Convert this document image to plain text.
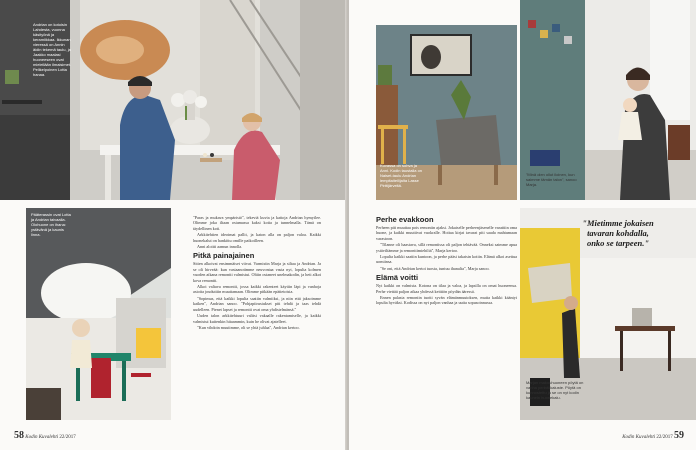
Andrian on kotoisin Lahdesta, vuonna käsityönä ja keramiikkaa. Ikkunan vieressä on Annin äidin tekemä taulu, ja Jaakko maalasi huoneeseen ovat mielellään ilmaisimet. Pelikelpoinen Lotta hanaa.
Pääterassin ovat Lotta ja Andrian taivaalla. Olohuone on ihana: ystävänä ja kaunis linna.

"Paras ja mukava ympäristö", tekeviä kuvia ja kattoja Andrian hymyilee. Olimme joka iltaan ostamassa kaksi kotia ja tunnelmalla. Tämä on täydellinen koti.

Arkkitehtien ideoimat pallit, ja katon alla on paljon valoa. Kaikki huonekalut on hankittu omille paikoilleen.

Anni aloitti aamun innolla.

Pitkä painajainen

Sitten alkoivat ensimmäiset viivat. Varmistin Marja ja siltaa ja Andrian. Ja se oli hirveää: kun vastaanotimme neuvontaa vasta nyt, lopulta kolmen vuoden aikana remontti valmistui. Oltiin ostaneet unelmakodin, ja heti alkoi kova remontti.

Alkoi valtava remontti, jossa kaikki rakenteet käytiin läpi ja vanhoja asioita jouduttiin muuttamaan. Olimme pitkään epätietoisia.

"Sopimus, että kaikki lopulta saatiin valmiiksi, ja niin että jaksoimme kaiken", Andrian sanoo. "Pohjapiirustukset piti tehdä ja taas tehdä uudelleen. Pienet lapset ja remontti ovat oma yhdistelmänsä."

Uuden talon arkkitehtuuri valitsi vakaalle rakentamiselle, ja kaikki valmistui kuitenkin hitaammin, kuin he olivat ajatelleet.

"Kun vihdoin muutimme, oli se yhtä juhlaa", Andrian kertoo.

58 Kodin Kuvalehti 22/2017
Kuvassa on sohva ja Anni. Kodin taustalla on Naiset-taulu Andrian lempitaiteilijalta Lasse Pirttijärveltä.
"Minä olen ollut iloinen, kun saimme tämän talon", sanoo Marja.
Perhe evakkoon

Perheen piti muuttaa pois remontin ajaksi. Jokaiselle perheenjäsenelle varattiin oma huone, ja kaikki muuttivat vuokralle. Hoitaa kirjat tavarat piti saada mahtumaan varastoon.

"Tilanne oli haastava, sillä remontissa oli paljon tehtävää. Onneksi saimme apua ystäviltämme ja remonttimiehiltä", Marja kertoo.

Lopulta kaikki saatiin kuntoon, ja perhe pääsi takaisin kotiin. Elämä alkoi asettua uomiinsa.

"Se oni, että Andrian kertoi tuosta, tuntuu ihanalta", Marja sanoo.

Elämä voitti

Nyt kaikki on valmista. Kotona on tilaa ja valoa, ja lapsilla on omat huoneensa. Perhe viettää paljon aikaa yhdessä keittiön pöydän ääressä.

Ennen palasta remontin tuotti syvän elämänmuutoksen, mutta kaikki kääntyi lopulta hyväksi. Kodissa on nyt paljon vanhaa ja uutta sopusoinnussa.

"Mietimme jokaisen
tavaran kohdalla,
onko se tarpeen."
Marjan makuuhuoneen pöytä on vanha perintökaluste. Pöytä on kunnostettu ja se on nyt kodin kaunein huonekalu.
Kodin Kuvalehti 22/2017 59
